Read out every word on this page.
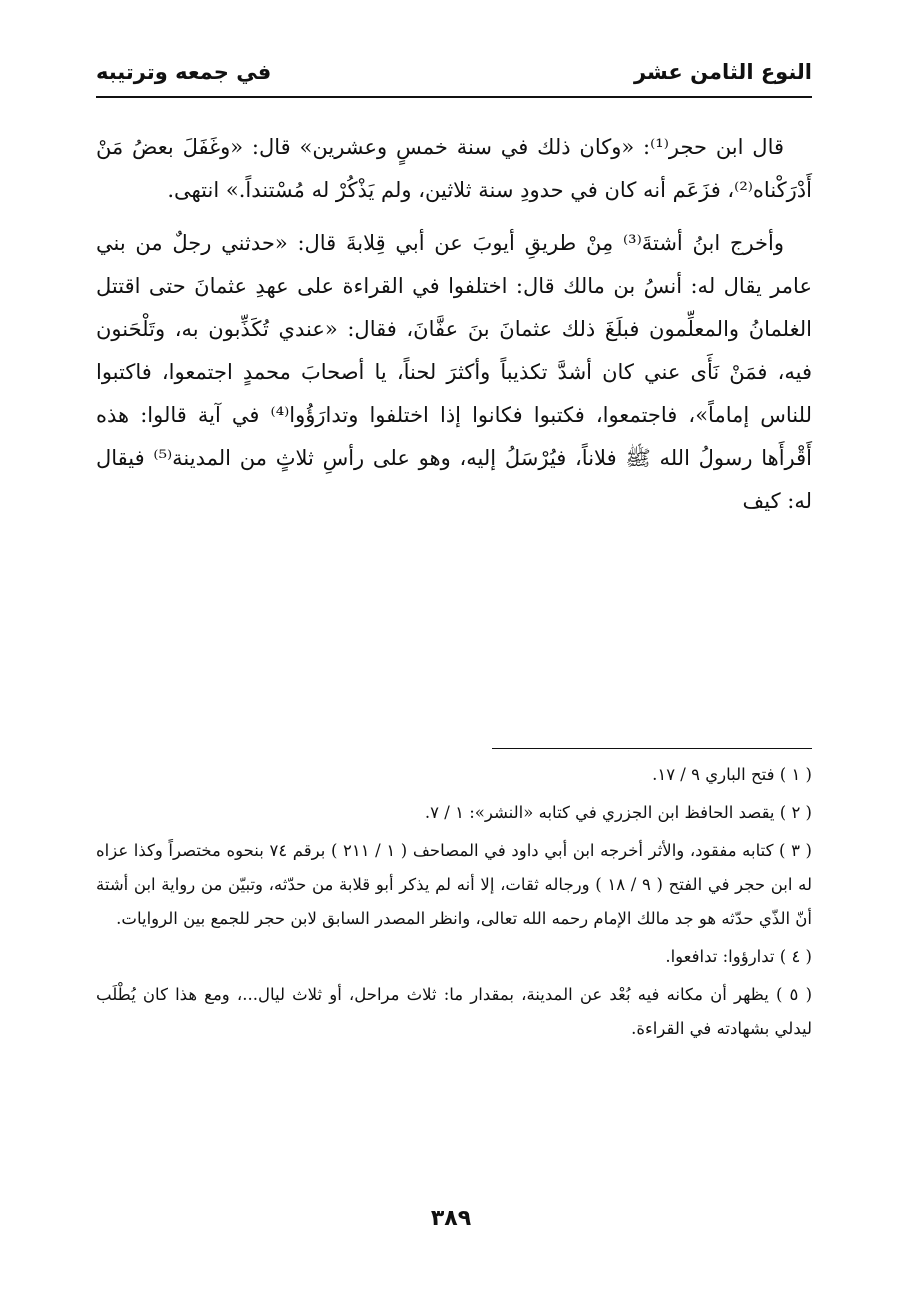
النوع الثامن عشر
في جمعه وترتيبه

قال ابن حجر⁽¹⁾: «وكان ذلك في سنة خمسٍ وعشرين» قال: «وغَفَلَ بعضُ مَنْ أَدْرَكْناه⁽²⁾، فزَعَم أنه كان في حدودِ سنة ثلاثين، ولم يَذْكُرْ له مُسْتنداً.» انتهى.

وأخرج ابنُ أشتةَ⁽³⁾ مِنْ طريقِ أيوبَ عن أبي قِلابةَ قال: «حدثني رجلٌ من بني عامر يقال له: أنسُ بن مالك قال: اختلفوا في القراءة على عهدِ عثمانَ حتى اقتتل الغلمانُ والمعلِّمون فبلَغَ ذلك عثمانَ بنَ عفَّانَ، فقال: «عندي تُكَذِّبون به، وتَلْحَنون فيه، فمَنْ نَأَى عني كان أشدَّ تكذيباً وأكثرَ لحناً، يا أصحابَ محمدٍ اجتمعوا، فاكتبوا للناس إماماً»، فاجتمعوا، فكتبوا فكانوا إذا اختلفوا وتدارَؤُوا⁽⁴⁾ في آية قالوا: هذه أَقْرأَها رسولُ الله ﷺ فلاناً، فيُرْسَلُ إليه، وهو على رأسِ ثلاثٍ من المدينة⁽⁵⁾ فيقال له: كيف

( ١ ) فتح الباري ٩ / ١٧.

( ٢ ) يقصد الحافظ ابن الجزري في كتابه «النشر»: ١ / ٧.

( ٣ ) كتابه مفقود، والأثر أخرجه ابن أبي داود في المصاحف ( ١ / ٢١١ ) برقم ٧٤ بنحوه مختصراً وكذا عزاه له ابن حجر في الفتح ( ٩ / ١٨ ) ورجاله ثقات، إلا أنه لم يذكر أبو قلابة من حدّثه، وتبيّن من رواية ابن أشتة أنّ الذّي حدّثه هو جد مالك الإمام رحمه الله تعالى، وانظر المصدر السابق لابن حجر للجمع بين الروايات.

( ٤ ) تدارؤوا: تدافعوا.

( ٥ ) يظهر أن مكانه فيه بُعْد عن المدينة، بمقدار ما: ثلاث مراحل، أو ثلاث ليال...، ومع هذا كان يُطْلَب ليدلي بشهادته في القراءة.

٣٨٩
